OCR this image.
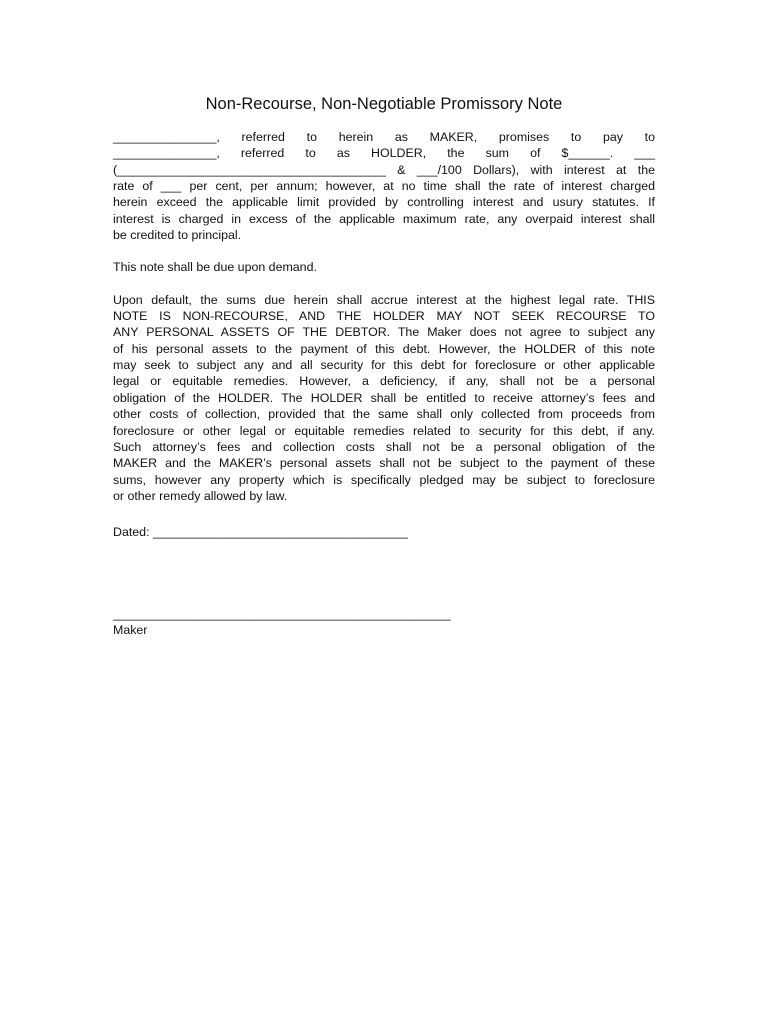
Non-Recourse, Non-Negotiable Promissory Note
_______________, referred to herein as MAKER, promises to pay to
_______________, referred to as HOLDER, the sum of $______. ___
(_______________________________________ & ___/100 Dollars), with interest at the
rate of ___ per cent, per annum; however, at no time shall the rate of interest charged
herein exceed the applicable limit provided by controlling interest and usury statutes. If
interest is charged in excess of the applicable maximum rate, any overpaid interest shall
be credited to principal.
This note shall be due upon demand.
Upon default, the sums due herein shall accrue interest at the highest legal rate. THIS
NOTE IS NON-RECOURSE, AND THE HOLDER MAY NOT SEEK RECOURSE TO
ANY PERSONAL ASSETS OF THE DEBTOR. The Maker does not agree to subject any
of his personal assets to the payment of this debt. However, the HOLDER of this note
may seek to subject any and all security for this debt for foreclosure or other applicable
legal or equitable remedies. However, a deficiency, if any, shall not be a personal
obligation of the HOLDER. The HOLDER shall be entitled to receive attorney’s fees and
other costs of collection, provided that the same shall only collected from proceeds from
foreclosure or other legal or equitable remedies related to security for this debt, if any.
Such attorney’s fees and collection costs shall not be a personal obligation of the
MAKER and the MAKER’s personal assets shall not be subject to the payment of these
sums, however any property which is specifically pledged may be subject to foreclosure
or other remedy allowed by law.
Dated: _____________________________________
_________________________________________________
Maker
